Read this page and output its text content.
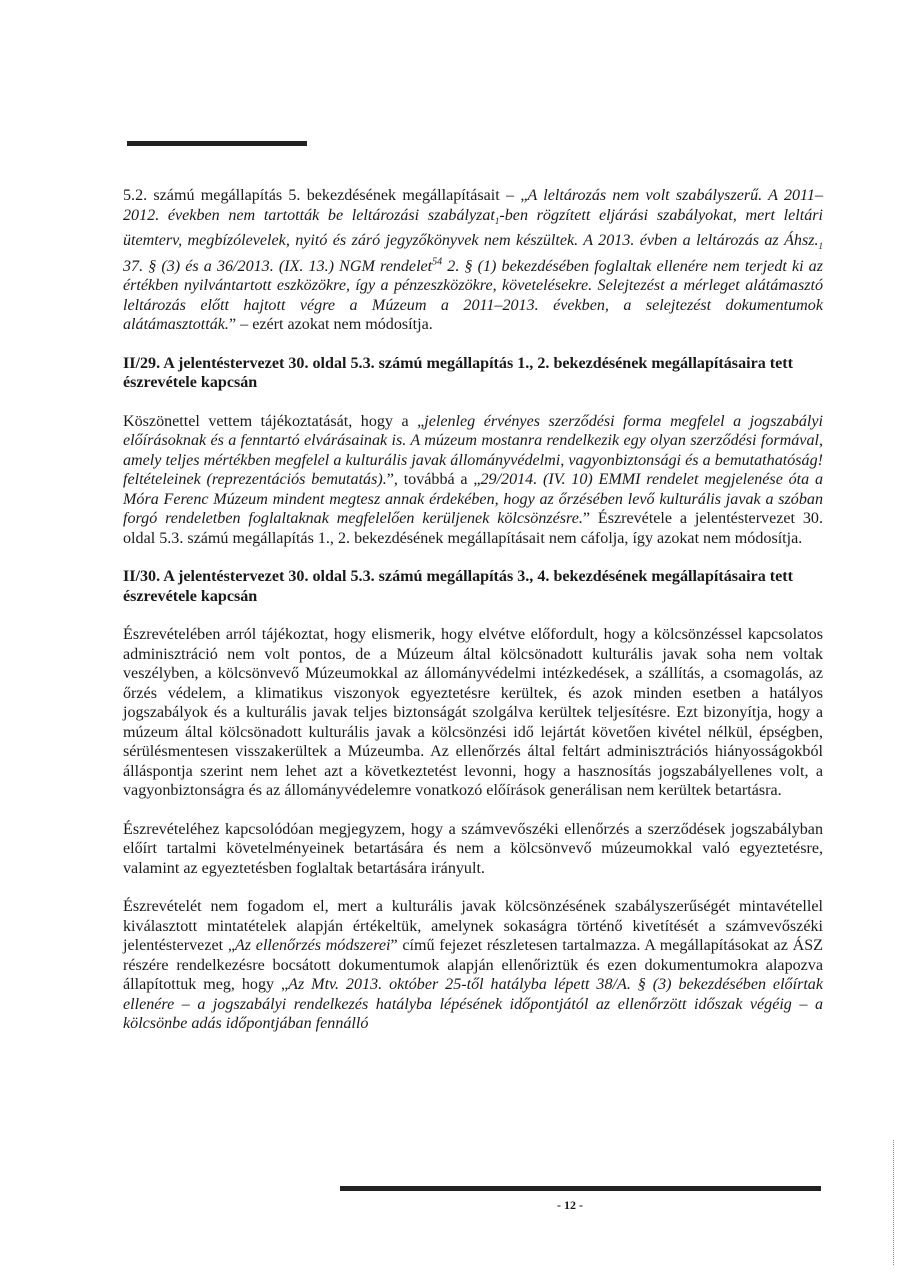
5.2. számú megállapítás 5. bekezdésének megállapításait – „A leltározás nem volt szabályszerű. A 2011–2012. években nem tartották be leltározási szabályzat$_1$-ben rögzített eljárási szabályokat, mert leltári ütemterv, megbízólevelek, nyitó és záró jegyzőkönyvek nem készültek. A 2013. évben a leltározás az $Áhsz._1$ 37. § (3) és a 36/2013. (IX. 13.) NGM rendelet$^{54}$ 2. § (1) bekezdésében foglaltak ellenére nem terjedt ki az értékben nyilvántartott eszközökre, így a pénzeszközökre, követelésekre. Selejtezést a mérleget alátámasztó leltározás előtt hajtott végre a Múzeum a 2011–2013. években, a selejtezést dokumentumok alátámasztották.” – ezért azokat nem módosítja.

II/29. A jelentéstervezet 30. oldal 5.3. számú megállapítás 1., 2. bekezdésének megállapításaira tett észrevétele kapcsán

Köszönettel vettem tájékoztatását, hogy a „jelenleg érvényes szerződési forma megfelel a jogszabályi előírásoknak és a fenntartó elvárásainak is. A múzeum mostanra rendelkezik egy olyan szerződési formával, amely teljes mértékben megfelel a kulturális javak állományvédelmi, vagyonbiztonsági és a bemutathatóság! feltételeinek (reprezentációs bemutatás).”, továbbá a „29/2014. (IV. 10) EMMI rendelet megjelenése óta a Móra Ferenc Múzeum mindent megtesz annak érdekében, hogy az őrzésében levő kulturális javak a szóban forgó rendeletben foglaltaknak megfelelően kerüljenek kölcsönzésre.” Észrevétele a jelentéstervezet 30. oldal 5.3. számú megállapítás 1., 2. bekezdésének megállapításait nem cáfolja, így azokat nem módosítja.

II/30. A jelentéstervezet 30. oldal 5.3. számú megállapítás 3., 4. bekezdésének megállapításaira tett észrevétele kapcsán

Észrevételében arról tájékoztat, hogy elismerik, hogy elvétve előfordult, hogy a kölcsönzéssel kapcsolatos adminisztráció nem volt pontos, de a Múzeum által kölcsönadott kulturális javak soha nem voltak veszélyben, a kölcsönvevő Múzeumokkal az állományvédelmi intézkedések, a szállítás, a csomagolás, az őrzés védelem, a klimatikus viszonyok egyeztetésre kerültek, és azok minden esetben a hatályos jogszabályok és a kulturális javak teljes biztonságát szolgálva kerültek teljesítésre. Ezt bizonyítja, hogy a múzeum által kölcsönadott kulturális javak a kölcsönzési idő lejártát követően kivétel nélkül, épségben, sérülésmentesen visszakerültek a Múzeumba. Az ellenőrzés által feltárt adminisztrációs hiányosságokból álláspontja szerint nem lehet azt a következtetést levonni, hogy a hasznosítás jogszabályellenes volt, a vagyonbiztonságra és az állományvédelemre vonatkozó előírások generálisan nem kerültek betartásra.

Észrevételéhez kapcsolódóan megjegyzem, hogy a számvevőszéki ellenőrzés a szerződések jogszabályban előírt tartalmi követelményeinek betartására és nem a kölcsönvevő múzeumokkal való egyeztetésre, valamint az egyeztetésben foglaltak betartására irányult.

Észrevételét nem fogadom el, mert a kulturális javak kölcsönzésének szabályszerűségét mintavétellel kiválasztott mintatételek alapján értékeltük, amelynek sokaságra történő kivetítését a számvevőszéki jelentéstervezet „Az ellenőrzés módszerei” című fejezet részletesen tartalmazza. A megállapításokat az ÁSZ részére rendelkezésre bocsátott dokumentumok alapján ellenőriztük és ezen dokumentumokra alapozva állapítottuk meg, hogy „Az Mtv. 2013. október 25-től hatályba lépett 38/A. § (3) bekezdésében előírtak ellenére – a jogszabályi rendelkezés hatályba lépésének időpontjától az ellenőrzött időszak végéig – a kölcsönbe adás időpontjában fennálló

- 12 -
